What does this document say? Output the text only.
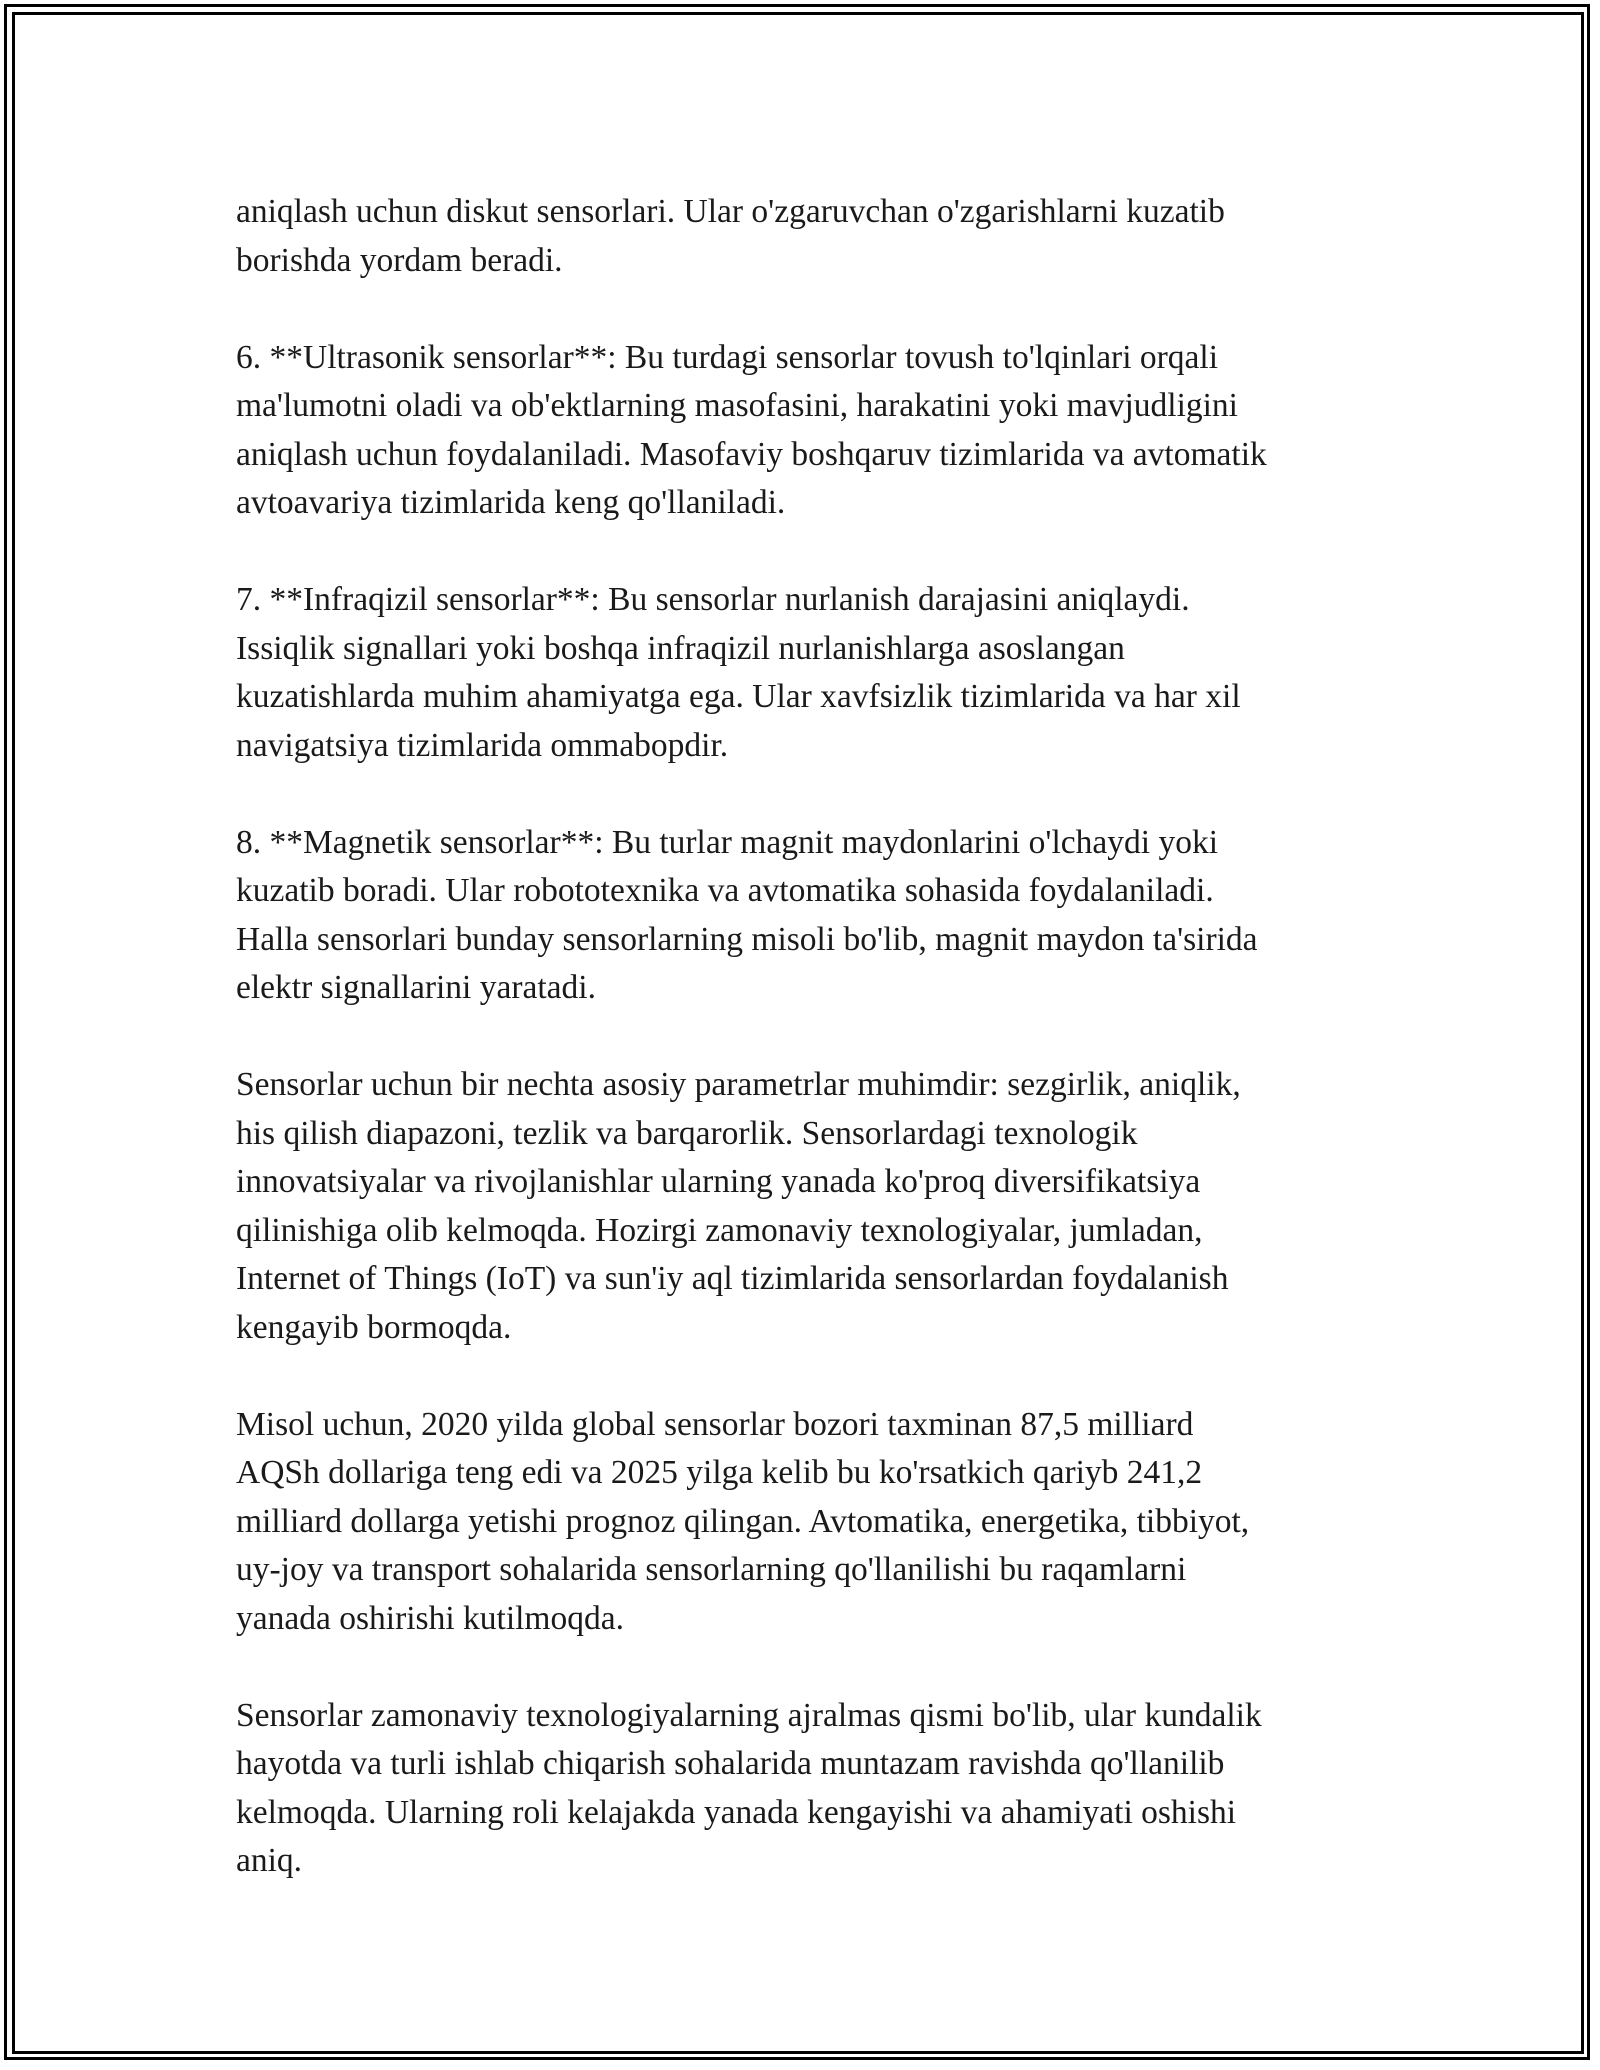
aniqlash uchun diskut sensorlari. Ular o'zgaruvchan o'zgarishlarni kuzatib
borishda yordam beradi.

6. **Ultrasonik sensorlar**: Bu turdagi sensorlar tovush to'lqinlari orqali
ma'lumotni oladi va ob'ektlarning masofasini, harakatini yoki mavjudligini
aniqlash uchun foydalaniladi. Masofaviy boshqaruv tizimlarida va avtomatik
avtoavariya tizimlarida keng qo'llaniladi.

7. **Infraqizil sensorlar**: Bu sensorlar nurlanish darajasini aniqlaydi.
Issiqlik signallari yoki boshqa infraqizil nurlanishlarga asoslangan
kuzatishlarda muhim ahamiyatga ega. Ular xavfsizlik tizimlarida va har xil
navigatsiya tizimlarida ommabopdir.

8. **Magnetik sensorlar**: Bu turlar magnit maydonlarini o'lchaydi yoki
kuzatib boradi. Ular robototexnika va avtomatika sohasida foydalaniladi.
Halla sensorlari bunday sensorlarning misoli bo'lib, magnit maydon ta'sirida
elektr signallarini yaratadi.

Sensorlar uchun bir nechta asosiy parametrlar muhimdir: sezgirlik, aniqlik,
his qilish diapazoni, tezlik va barqarorlik. Sensorlardagi texnologik
innovatsiyalar va rivojlanishlar ularning yanada ko'proq diversifikatsiya
qilinishiga olib kelmoqda. Hozirgi zamonaviy texnologiyalar, jumladan,
Internet of Things (IoT) va sun'iy aql tizimlarida sensorlardan foydalanish
kengayib bormoqda.

Misol uchun, 2020 yilda global sensorlar bozori taxminan 87,5 milliard
AQSh dollariga teng edi va 2025 yilga kelib bu ko'rsatkich qariyb 241,2
milliard dollarga yetishi prognoz qilingan. Avtomatika, energetika, tibbiyot,
uy-joy va transport sohalarida sensorlarning qo'llanilishi bu raqamlarni
yanada oshirishi kutilmoqda.

Sensorlar zamonaviy texnologiyalarning ajralmas qismi bo'lib, ular kundalik
hayotda va turli ishlab chiqarish sohalarida muntazam ravishda qo'llanilib
kelmoqda. Ularning roli kelajakda yanada kengayishi va ahamiyati oshishi
aniq.
